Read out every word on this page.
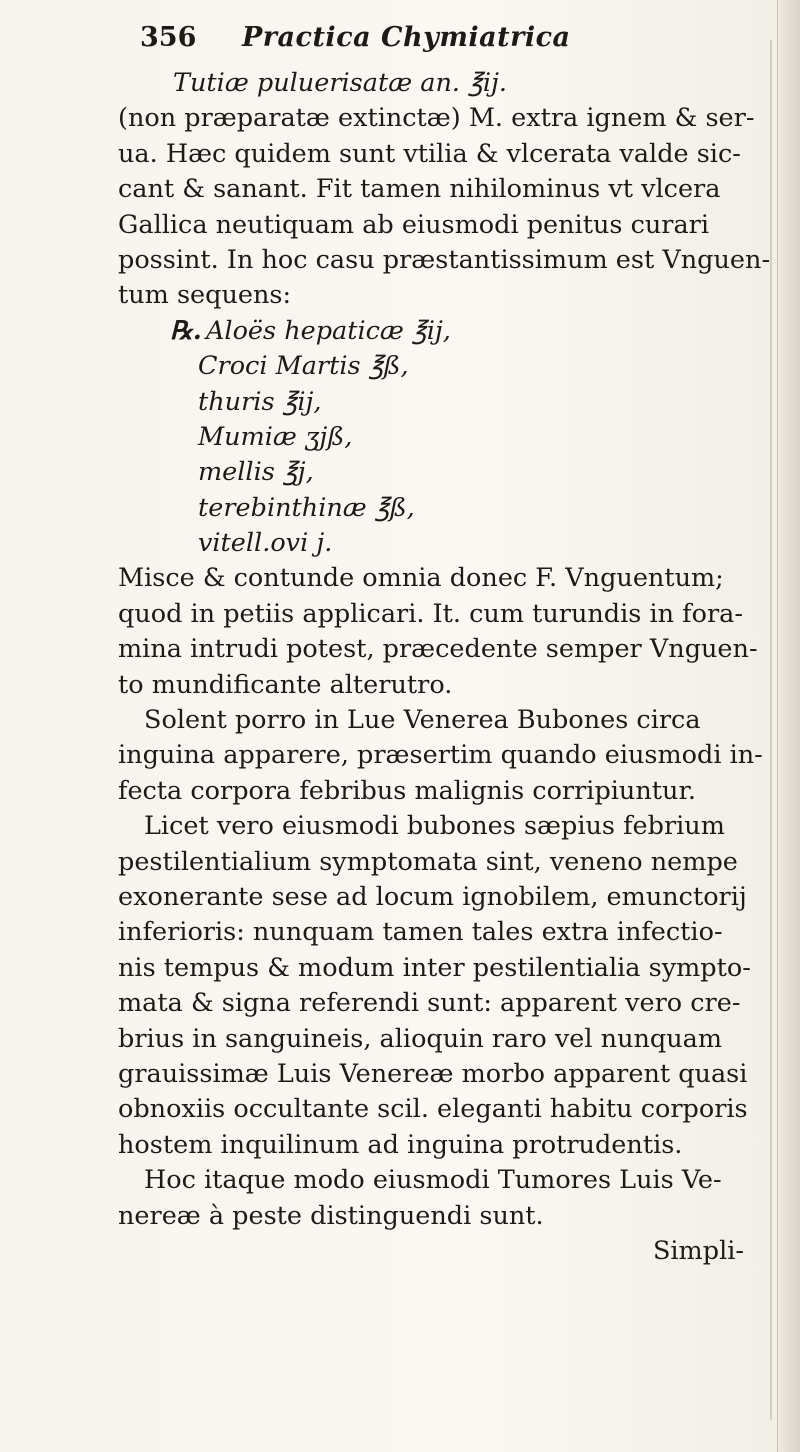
356 Practica Chymiatrica
Tutiæ puluerisatæ an. ℥ij.
(non præparatæ extinctæ) M. extra ignem & ser-
ua. Hæc quidem sunt vtilia & vlcerata valde sic-
cant & sanant. Fit tamen nihilominus vt vlcera
Gallica neutiquam ab eiusmodi penitus curari
possint. In hoc casu præstantissimum est Vnguen-
tum sequens:
℞. Aloës hepaticæ ℥ij,
Croci Martis ℥ß,
thuris ℥ij,
Mumiæ ʒjß,
mellis ℥j,
terebinthinæ ℥ß,
vitell.ovi j.
Misce & contunde omnia donec F. Vnguentum;
quod in petiis applicari. It. cum turundis in fora-
mina intrudi potest, præcedente semper Vnguen-
to mundificante alterutro.
Solent porro in Lue Venerea Bubones circa
inguina apparere, præsertim quando eiusmodi in-
fecta corpora febribus malignis corripiuntur.
Licet vero eiusmodi bubones sæpius febrium
pestilentialium symptomata sint, veneno nempe
exonerante sese ad locum ignobilem, emunctorij
inferioris: nunquam tamen tales extra infectio-
nis tempus & modum inter pestilentialia sympto-
mata & signa referendi sunt: apparent vero cre-
brius in sanguineis, alioquin raro vel nunquam
grauissimæ Luis Venereæ morbo apparent quasi
obnoxiis occultante scil. eleganti habitu corporis
hostem inquilinum ad inguina protrudentis.
Hoc itaque modo eiusmodi Tumores Luis Ve-
nereæ à peste distinguendi sunt.
Simpli-
